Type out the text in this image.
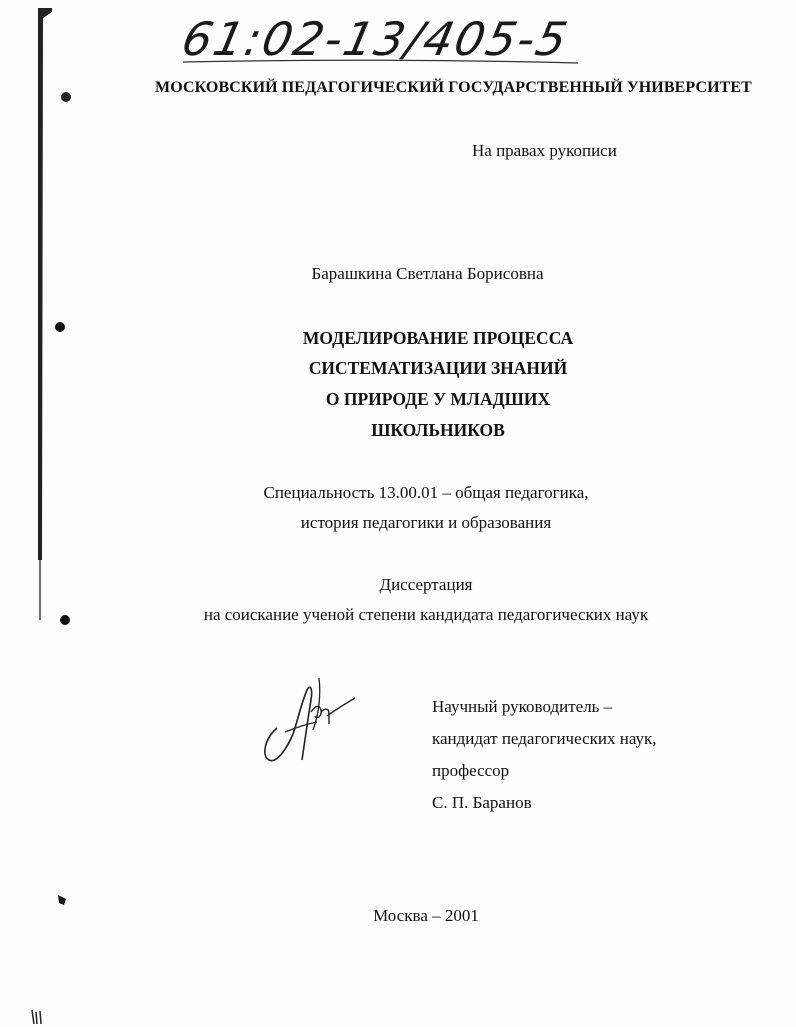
61:02-13/405-5
МОСКОВСКИЙ ПЕДАГОГИЧЕСКИЙ ГОСУДАРСТВЕННЫЙ УНИВЕРСИТЕТ
На правах рукописи
Барашкина Светлана Борисовна
МОДЕЛИРОВАНИЕ ПРОЦЕССА
СИСТЕМАТИЗАЦИИ ЗНАНИЙ
О ПРИРОДЕ У МЛАДШИХ
ШКОЛЬНИКОВ
Специальность 13.00.01 – общая педагогика,
история педагогики и образования
Диссертация
на соискание ученой степени кандидата педагогических наук
Научный руководитель –
кандидат педагогических наук,
профессор
С. П. Баранов
Москва – 2001
